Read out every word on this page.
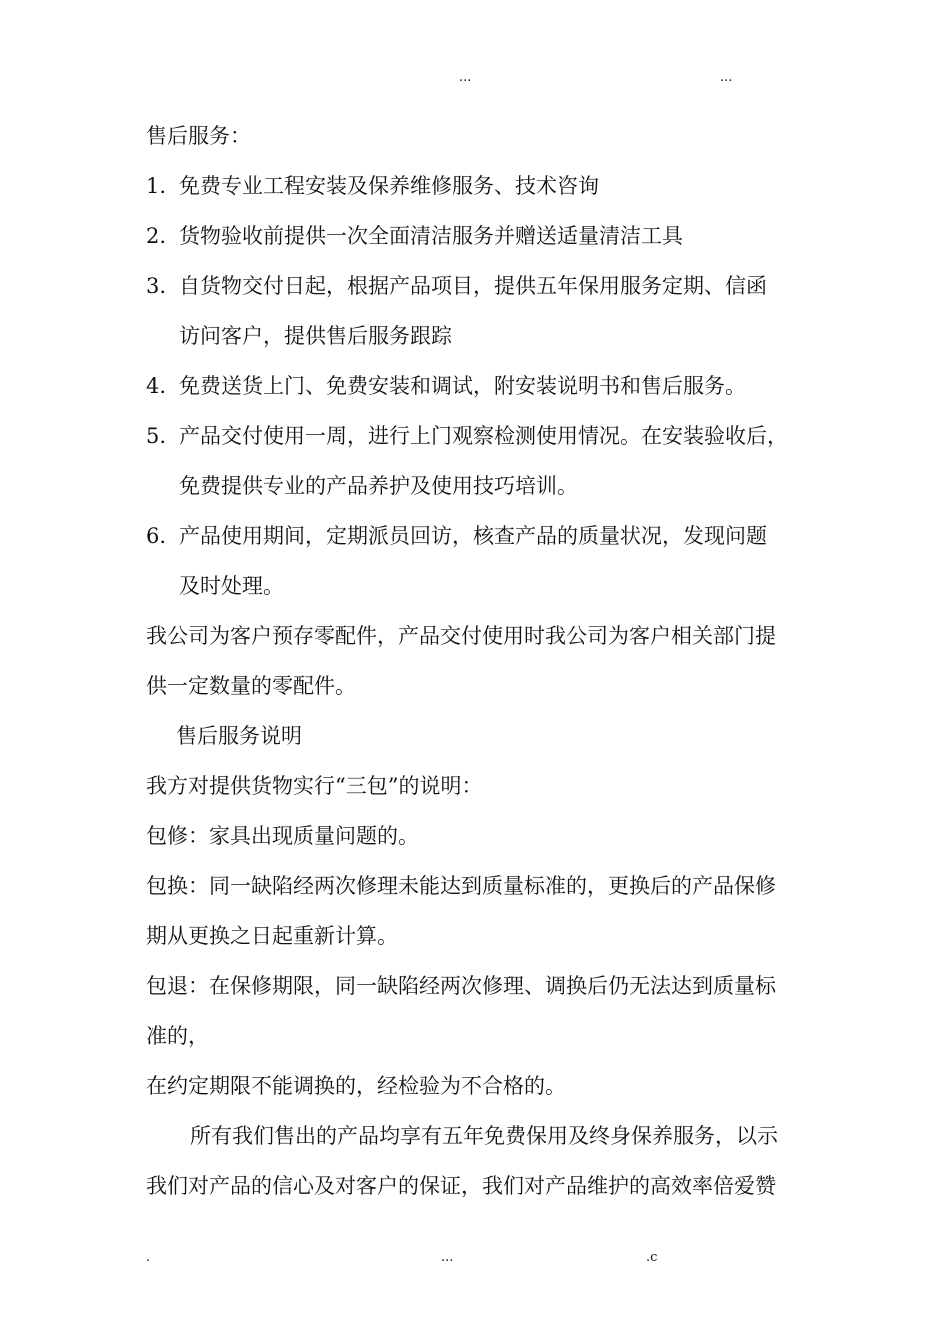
...	...
售后服务：
1. 免费专业工程安装及保养维修服务、技术咨询
2. 货物验收前提供一次全面清洁服务并赠送适量清洁工具
3. 自货物交付日起，根据产品项目，提供五年保用服务定期、信函
访问客户，提供售后服务跟踪
4. 免费送货上门、免费安装和调试，附安装说明书和售后服务。
5. 产品交付使用一周，进行上门观察检测使用情况。在安装验收后，
免费提供专业的产品养护及使用技巧培训。
6. 产品使用期间，定期派员回访，核查产品的质量状况，发现问题
及时处理。
我公司为客户预存零配件，产品交付使用时我公司为客户相关部门提
供一定数量的零配件。
售后服务说明
我方对提供货物实行“三包”的说明：
包修：家具出现质量问题的。
包换：同一缺陷经两次修理未能达到质量标准的，更换后的产品保修
期从更换之日起重新计算。
包退：在保修期限，同一缺陷经两次修理、调换后仍无法达到质量标
准的，
在约定期限不能调换的，经检验为不合格的。
所有我们售出的产品均享有五年免费保用及终身保养服务，以示
我们对产品的信心及对客户的保证，我们对产品维护的高效率倍爱赞
.	...	.c
